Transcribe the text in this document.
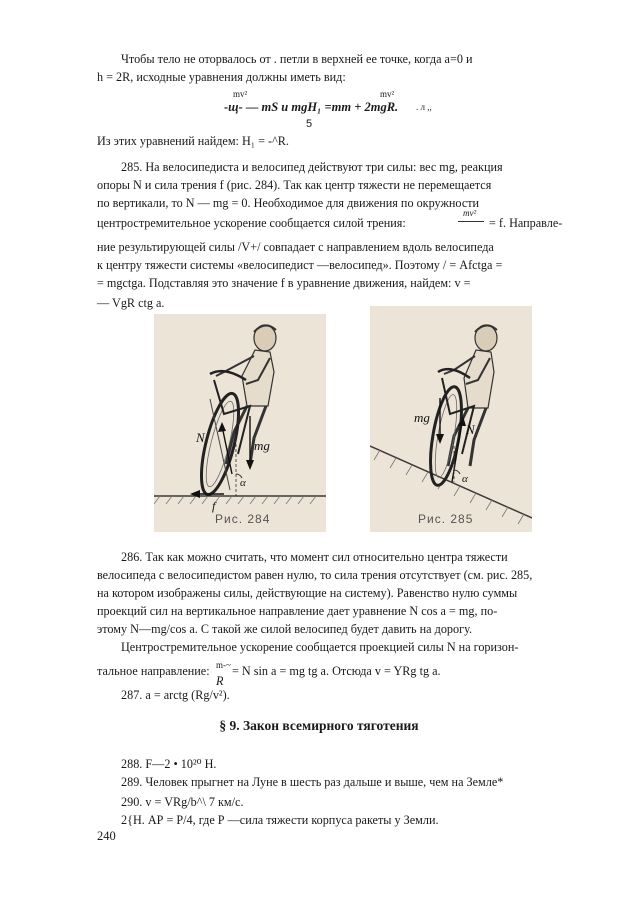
Чтобы тело не оторвалось от . петли в верхней ее точке, когда а=0 и
h = 2R, исходные уравнения должны иметь вид:
mv²	mv²
-щ- — mS и mgH₁ =mm + 2mgR. . л ,,
5
Из этих уравнений найдем: H₁ = -^R.
285. На велосипедиста и велосипед действуют три силы: вес mg, реакция
опоры N и сила трения f (рис. 284). Так как центр тяжести не перемещается
по вертикали, то N — mg = 0. Необходимое для движения по окружности
mv²
центростремительное ускорение сообщается силой трения:	= f. Направле-
ние результирующей силы /V+/ совпадает с направлением вдоль велосипеда
к центру тяжести системы «велосипедист —велосипед». Поэтому / = Afctga =
= mgctga. Подставляя это значение f в уравнение движения, найдем: v =
— VgR ctg a.
N
mg
α
f
Рис. 284
mg
N
α
Рис. 285
286. Так как можно считать, что момент сил относительно центра тяжести
велосипеда с велосипедистом равен нулю, то сила трения отсутствует (см. рис. 285,
на котором изображены силы, действующие на систему). Равенство нулю суммы
проекций сил на вертикальное направление дает уравнение N cos a = mg, по-
этому N—mg/cos a. С такой же силой велосипед будет давить на дорогу.
Центростремительное ускорение сообщается проекцией силы N на горизон-
тальное направление: m-~
R
= N sin a = mg tg a. Отсюда v = YRg tg a.
287. a = arctg (Rg/v²).
§ 9. Закон всемирного тяготения
288. F—2 • 10²⁰ Н.
289. Человек прыгнет на Луне в шесть раз дальше и выше, чем на Земле*
290. v = VRg/b^\ 7 км/с.
2{Н. АР = Р/4, где Р —сила тяжести корпуса ракеты у Земли.
240
